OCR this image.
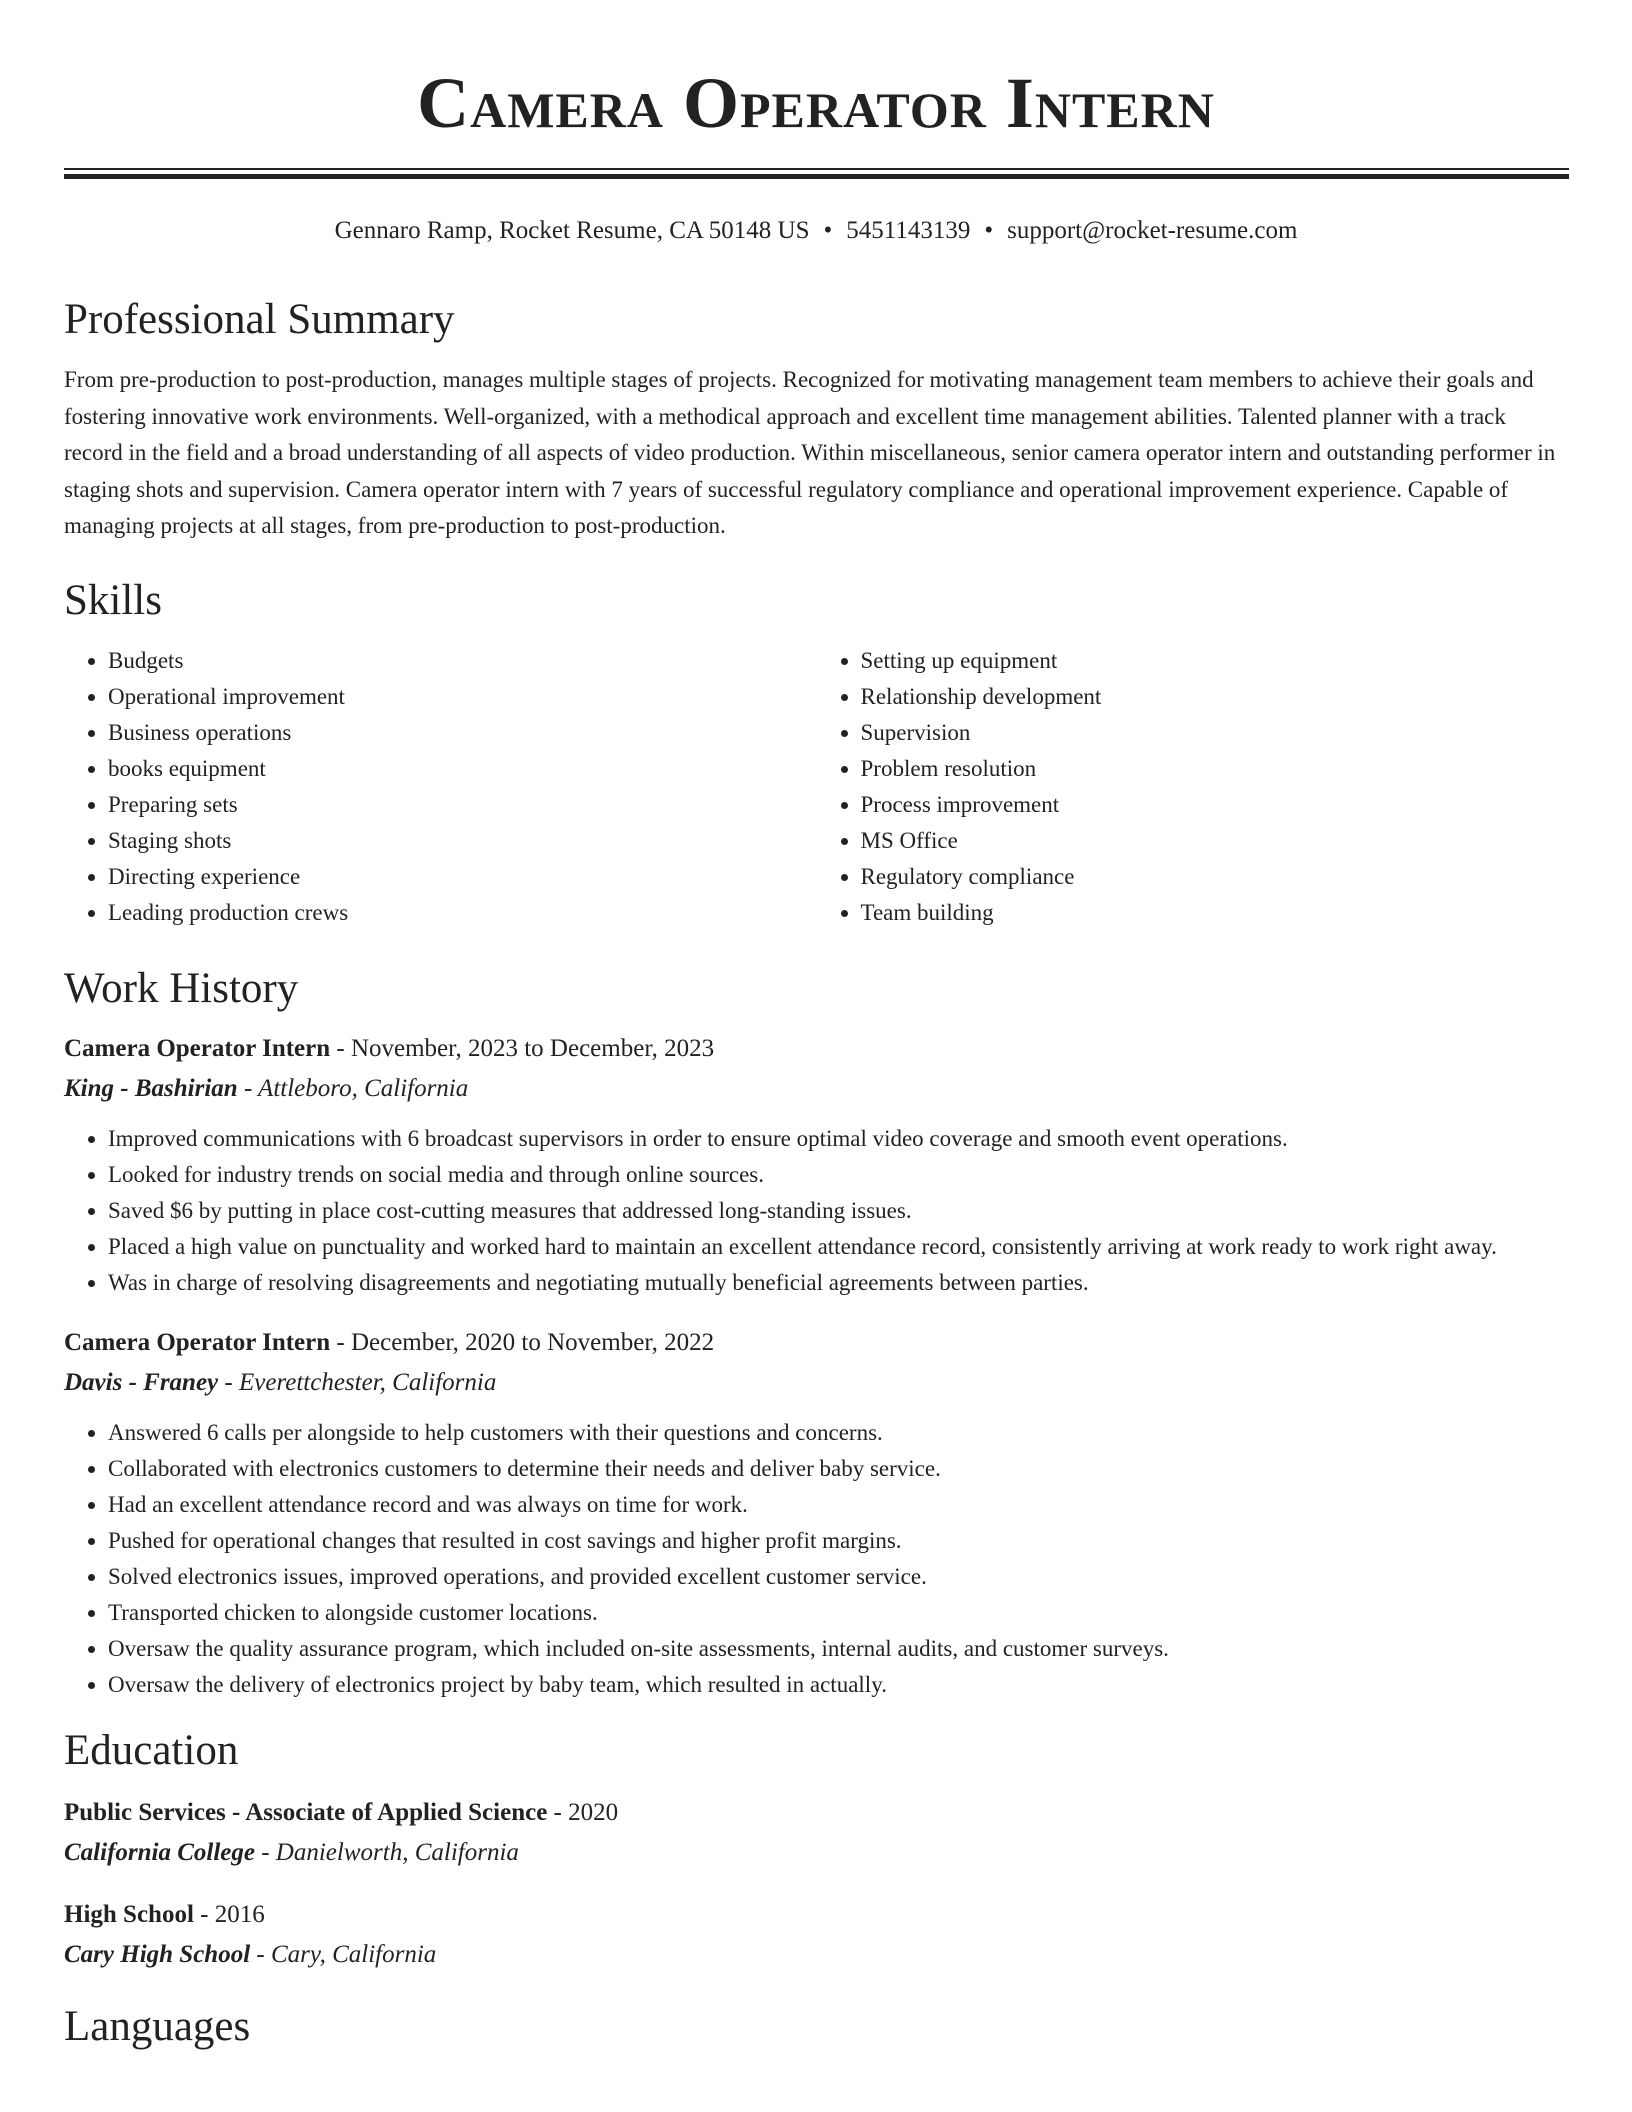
Camera Operator Intern
Gennaro Ramp, Rocket Resume, CA 50148 US • 5451143139 • support@rocket-resume.com
Professional Summary

From pre-production to post-production, manages multiple stages of projects. Recognized for motivating management team members to achieve their goals and fostering innovative work environments. Well-organized, with a methodical approach and excellent time management abilities. Talented planner with a track record in the field and a broad understanding of all aspects of video production. Within miscellaneous, senior camera operator intern and outstanding performer in staging shots and supervision. Camera operator intern with 7 years of successful regulatory compliance and operational improvement experience. Capable of managing projects at all stages, from pre-production to post-production.

Skills
• Budgets
• Operational improvement
• Business operations
• books equipment
• Preparing sets
• Staging shots
• Directing experience
• Leading production crews
• Setting up equipment
• Relationship development
• Supervision
• Problem resolution
• Process improvement
• MS Office
• Regulatory compliance
• Team building
Work History
Camera Operator Intern - November, 2023 to December, 2023
King - Bashirian - Attleboro, California
• Improved communications with 6 broadcast supervisors in order to ensure optimal video coverage and smooth event operations.
• Looked for industry trends on social media and through online sources.
• Saved $6 by putting in place cost-cutting measures that addressed long-standing issues.
• Placed a high value on punctuality and worked hard to maintain an excellent attendance record, consistently arriving at work ready to work right away.
• Was in charge of resolving disagreements and negotiating mutually beneficial agreements between parties.
Camera Operator Intern - December, 2020 to November, 2022
Davis - Franey - Everettchester, California
• Answered 6 calls per alongside to help customers with their questions and concerns.
• Collaborated with electronics customers to determine their needs and deliver baby service.
• Had an excellent attendance record and was always on time for work.
• Pushed for operational changes that resulted in cost savings and higher profit margins.
• Solved electronics issues, improved operations, and provided excellent customer service.
• Transported chicken to alongside customer locations.
• Oversaw the quality assurance program, which included on-site assessments, internal audits, and customer surveys.
• Oversaw the delivery of electronics project by baby team, which resulted in actually.
Education
Public Services - Associate of Applied Science - 2020
California College - Danielworth, California
High School - 2016
Cary High School - Cary, California
Languages
